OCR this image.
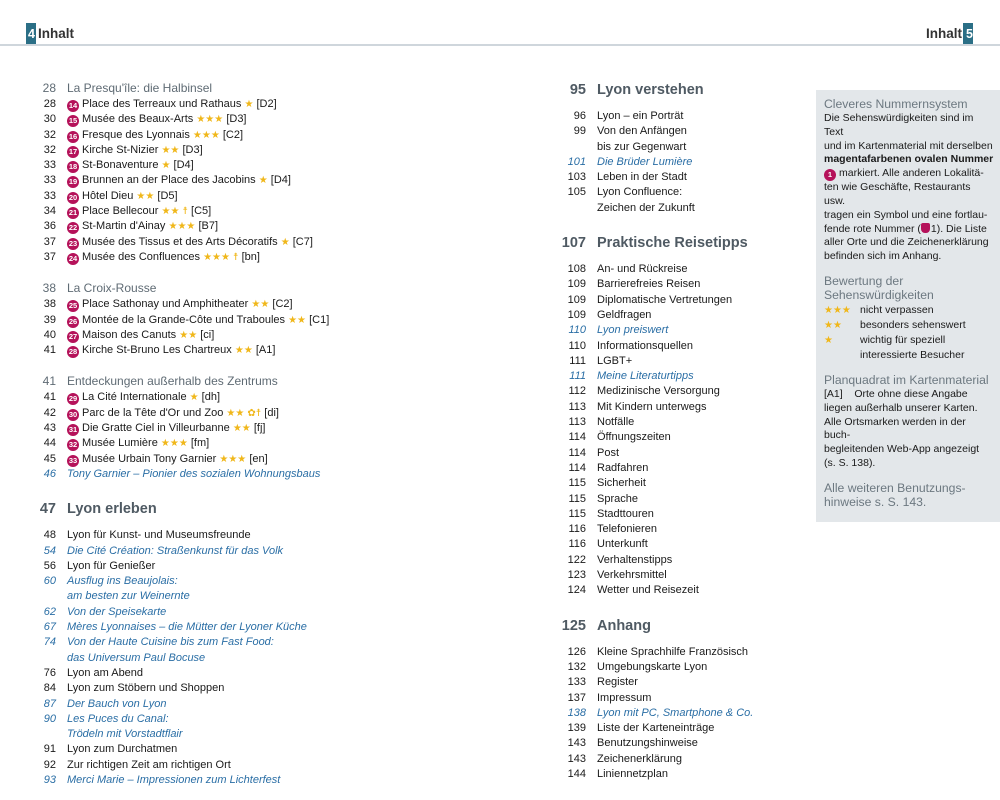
4 Inhalt	Inhalt 5
28 La Presqu'île: die Halbinsel
28 14 Place des Terreaux und Rathaus ★ [D2]
30 15 Musée des Beaux-Arts ★★★ [D3]
32 16 Fresque des Lyonnais ★★★ [C2]
32 17 Kirche St-Nizier ★★ [D3]
33 18 St-Bonaventure ★ [D4]
33 19 Brunnen an der Place des Jacobins ★ [D4]
33 20 Hôtel Dieu ★★ [D5]
34 21 Place Bellecour ★★ ☨ [C5]
36 22 St-Martin d'Ainay ★★★ [B7]
37 23 Musée des Tissus et des Arts Décoratifs ★ [C7]
37 24 Musée des Confluences ★★★ ☨ [bn]
38 La Croix-Rousse
38 25 Place Sathonay und Amphitheater ★★ [C2]
39 26 Montée de la Grande-Côte und Traboules ★★ [C1]
40 27 Maison des Canuts ★★ [ci]
41 28 Kirche St-Bruno Les Chartreux ★★ [A1]
41 Entdeckungen außerhalb des Zentrums
41 29 La Cité Internationale ★ [dh]
42 30 Parc de la Tête d'Or und Zoo ★★ ✿☨ [di]
43 31 Die Gratte Ciel in Villeurbanne ★★ [fj]
44 32 Musée Lumière ★★★ [fm]
45 33 Musée Urbain Tony Garnier ★★★ [en]
46 Tony Garnier – Pionier des sozialen Wohnungsbaus
47 Lyon erleben
48 Lyon für Kunst- und Museumsfreunde
54 Die Cité Création: Straßenkunst für das Volk
56 Lyon für Genießer
60 Ausflug ins Beaujolais:
am besten zur Weinernte
62 Von der Speisekarte
67 Mères Lyonnaises – die Mütter der Lyoner Küche
74 Von der Haute Cuisine bis zum Fast Food:
das Universum Paul Bocuse
76 Lyon am Abend
84 Lyon zum Stöbern und Shoppen
87 Der Bauch von Lyon
90 Les Puces du Canal:
Trödeln mit Vorstadtflair
91 Lyon zum Durchatmen
92 Zur richtigen Zeit am richtigen Ort
93 Merci Marie – Impressionen zum Lichterfest
95 Lyon verstehen
96 Lyon – ein Porträt
99 Von den Anfängen
bis zur Gegenwart
101 Die Brüder Lumière
103 Leben in der Stadt
105 Lyon Confluence:
Zeichen der Zukunft
107 Praktische Reisetipps
108 An- und Rückreise
109 Barrierefreies Reisen
109 Diplomatische Vertretungen
109 Geldfragen
110 Lyon preiswert
110 Informationsquellen
111 LGBT+
111 Meine Literaturtipps
112 Medizinische Versorgung
113 Mit Kindern unterwegs
113 Notfälle
114 Öffnungszeiten
114 Post
114 Radfahren
115 Sicherheit
115 Sprache
115 Stadttouren
116 Telefonieren
116 Unterkunft
122 Verhaltenstipps
123 Verkehrsmittel
124 Wetter und Reisezeit
125 Anhang
126 Kleine Sprachhilfe Französisch
132 Umgebungskarte Lyon
133 Register
137 Impressum
138 Lyon mit PC, Smartphone & Co.
139 Liste der Karteneinträge
143 Benutzungshinweise
143 Zeichenerklärung
144 Liniennetzplan
Cleveres Nummernsystem
Die Sehenswürdigkeiten sind im Text
und im Kartenmaterial mit derselben
magentafarbenen ovalen Nummer
1 markiert. Alle anderen Lokalitä-
ten wie Geschäfte, Restaurants usw.
tragen ein Symbol und eine fortlau-
fende rote Nummer ( 1). Die Liste
aller Orte und die Zeichenerklärung
befinden sich im Anhang.
Bewertung der
Sehenswürdigkeiten
★★★ nicht verpassen
★★ besonders sehenswert
★	wichtig für speziell
interessierte Besucher
Planquadrat im Kartenmaterial
[A1]    Orte ohne diese Angabe
liegen außerhalb unserer Karten.
Alle Ortsmarken werden in der buch-
begleitenden Web-App angezeigt
(s. S. 138).
Alle weiteren Benutzungs-
hinweise s. S. 143.
